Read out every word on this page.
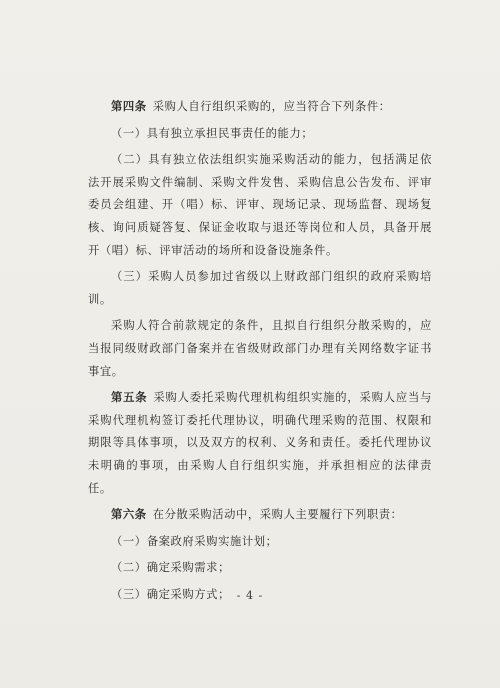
第四条 采购人自行组织采购的，应当符合下列条件：

（一）具有独立承担民事责任的能力；

（二）具有独立依法组织实施采购活动的能力，包括满足依法开展采购文件编制、采购文件发售、采购信息公告发布、评审委员会组建、开（唱）标、评审、现场记录、现场监督、现场复核、询问质疑答复、保证金收取与退还等岗位和人员，具备开展开（唱）标、评审活动的场所和设备设施条件。

（三）采购人员参加过省级以上财政部门组织的政府采购培训。

采购人符合前款规定的条件，且拟自行组织分散采购的，应当报同级财政部门备案并在省级财政部门办理有关网络数字证书事宜。

第五条 采购人委托采购代理机构组织实施的，采购人应当与采购代理机构签订委托代理协议，明确代理采购的范围、权限和期限等具体事项，以及双方的权利、义务和责任。委托代理协议未明确的事项，由采购人自行组织实施，并承担相应的法律责任。

第六条 在分散采购活动中，采购人主要履行下列职责：

（一）备案政府采购实施计划；

（二）确定采购需求；

（三）确定采购方式； - 4 -
